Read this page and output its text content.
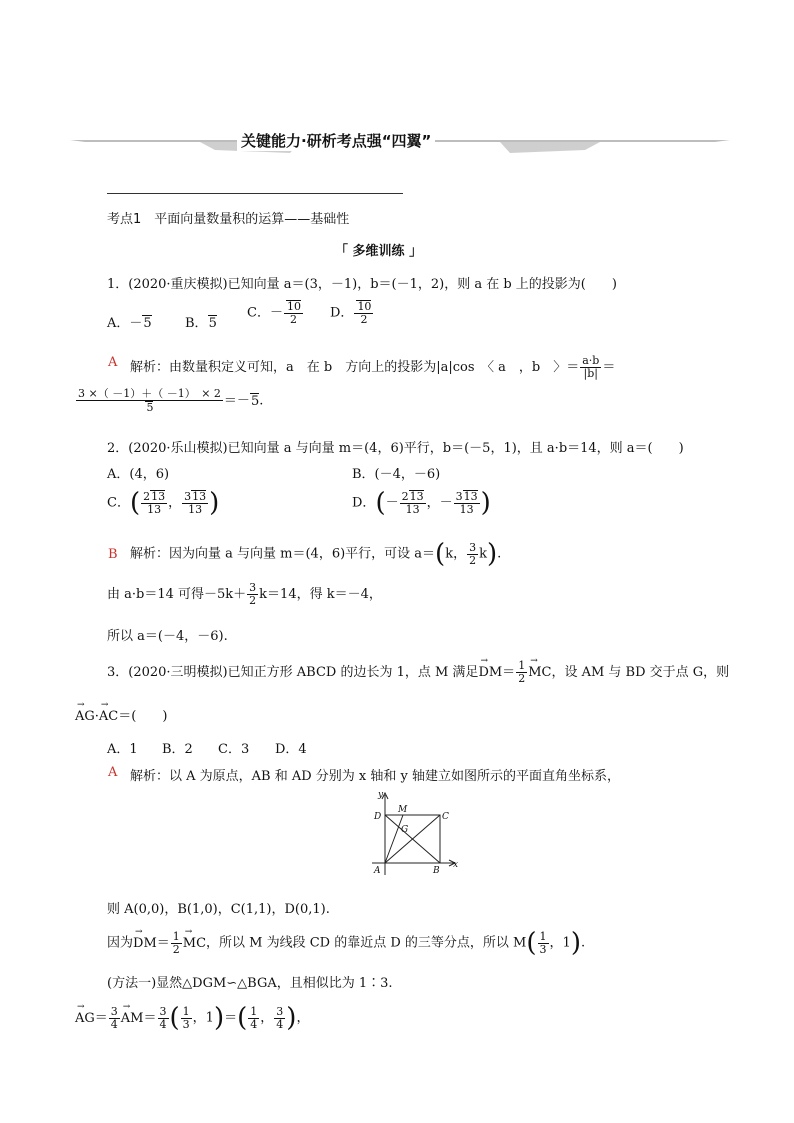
关键能力·研析考点强“四翼”
考点1　平面向量数量积的运算——基础性
「 多维训练 」
1．(2020·重庆模拟)已知向量 a＝(3，－1)，b＝(－1，2)，则 a 在 b 上的投影为(　　)
A．－5	B．5
C．－ $\frac{10}{2}$ D． $\frac{10}{2}$
A 解析：由数量积定义可知，a　在 b　方向上的投影为|a|cos　〈 a　，b　〉＝ $\frac{a\cdot b}{|b|}$ ＝
$\frac{3 \times( -1)+( -1) \times 2}{5} =-5$.
2．(2020·乐山模拟)已知向量 a 与向量 m＝(4，6)平行，b＝(－5，1)，且 a·b＝14，则 a＝(　　)
A．(4，6)	B．(－4，－6)
C．( $\frac{213}{13}$ ， $\frac{313}{13}$ )	D．(－ $\frac{213}{13}$ ，－ $\frac{313}{13}$ )
B 解析：因为向量 a 与向量 m＝(4，6)平行，可设 a＝(k， $\frac{3}{2} k$).
由 a·b＝14 可得$-5k+ \frac{3}{2} k=14$，得 k＝－4，
所以 a＝(－4，－6).
3．(2020·三明模拟)已知正方形 ABCD 的边长为 1，点 M 满足→ $DM= \frac{1}{2}$
→ MC，设 AM 与 BD 交于点 G，则
→ AG·→ AC＝(　　)
A．1 B．2 C．3 D．4
A 解析：以 A 为原点，AB 和 AD 分别为 x 轴和 y 轴建立如图所示的平面直角坐标系，
y
D
M
C
G
A	B
x
则 A(0,0)，B(1,0)，C(1,1)，D(0,1).
因为→ $DM= \frac{1}{2}$
→ MC，所以 M 为线段 CD 的靠近点 D 的三等分点，所以 $M( \frac{1}{3}$ ，1).
(方法一)显然△DGM∽△BGA，且相似比为 1∶3.
→ $AG= \frac{3}{4}$
→ $AM= \frac{3}{4}$ ( $\frac{1}{3}$ ，$1)=( \frac{1}{4}$ ， $\frac{3}{4}$ )，
